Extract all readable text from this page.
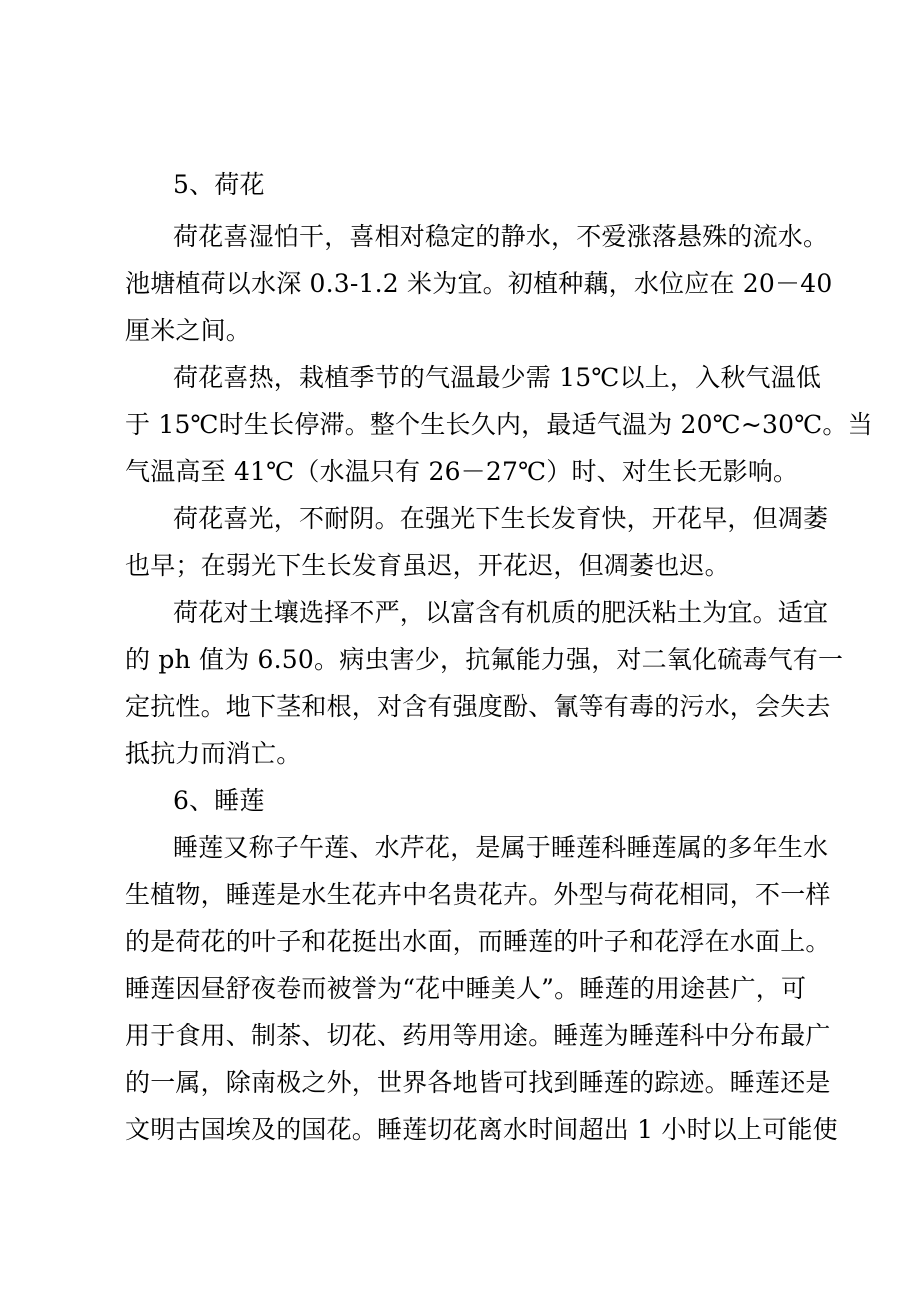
5、荷花
荷花喜湿怕干，喜相对稳定的静水，不爱涨落悬殊的流水。
池塘植荷以水深 0.3-1.2 米为宜。初植种藕，水位应在 20－40
厘米之间。
荷花喜热，栽植季节的气温最少需 15℃以上，入秋气温低
于 15℃时生长停滞。整个生长久内，最适气温为 20℃~30℃。当
气温高至 41℃（水温只有 26－27℃）时、对生长无影响。
荷花喜光，不耐阴。在强光下生长发育快，开花早，但凋萎
也早；在弱光下生长发育虽迟，开花迟，但凋萎也迟。
荷花对土壤选择不严，以富含有机质的肥沃粘土为宜。适宜
的 ph 值为 6.50。病虫害少，抗氟能力强，对二氧化硫毒气有一
定抗性。地下茎和根，对含有强度酚、氰等有毒的污水，会失去
抵抗力而消亡。
6、睡莲
睡莲又称子午莲、水芹花，是属于睡莲科睡莲属的多年生水
生植物，睡莲是水生花卉中名贵花卉。外型与荷花相同，不一样
的是荷花的叶子和花挺出水面，而睡莲的叶子和花浮在水面上。
睡莲因昼舒夜卷而被誉为“花中睡美人”。睡莲的用途甚广，可
用于食用、制茶、切花、药用等用途。睡莲为睡莲科中分布最广
的一属，除南极之外，世界各地皆可找到睡莲的踪迹。睡莲还是
文明古国埃及的国花。睡莲切花离水时间超出 1 小时以上可能使
